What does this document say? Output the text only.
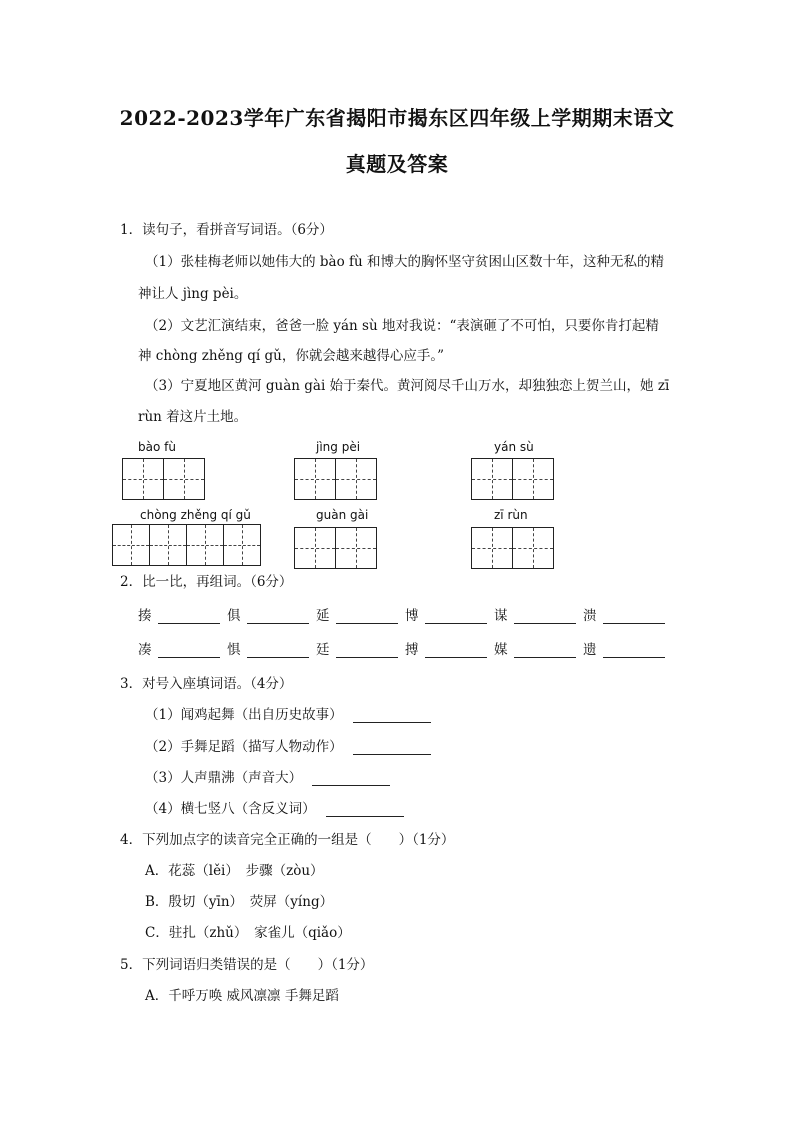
2022-2023学年广东省揭阳市揭东区四年级上学期期末语文
真题及答案
1．读句子，看拼音写词语。（6分）
（1）张桂梅老师以她伟大的 bào fù 和博大的胸怀坚守贫困山区数十年，这种无私的精
神让人 jìng pèi。
（2）文艺汇演结束，爸爸一脸 yán sù 地对我说：“表演砸了不可怕，只要你肯打起精
神 chòng zhěng qí gǔ，你就会越来越得心应手。”
（3）宁夏地区黄河 guàn gài 始于秦代。黄河阅尽千山万水，却独独恋上贺兰山，她 zī
rùn 着这片土地。
bào fù	jìng pèi	yán sù
chòng zhěng qí gǔ	guàn gài	zī rùn
2．比一比，再组词。（6分）
揍	俱	延	博	谋	溃
凑	惧	廷	搏	媒	遗
3．对号入座填词语。（4分）
（1）闻鸡起舞（出自历史故事）
（2）手舞足蹈（描写人物动作）
（3）人声鼎沸（声音大）
（4）横七竖八（含反义词）
4．下列加点字的读音完全正确的一组是（　　）（1分）
A．花蕊（lěi）　步骤（zòu）
B．殷切（yīn）　荧屏（yíng）
C．驻扎（zhǔ）　家雀儿（qiǎo）
5．下列词语归类错误的是（　　）（1分）
A．千呼万唤 威风凛凛 手舞足蹈
